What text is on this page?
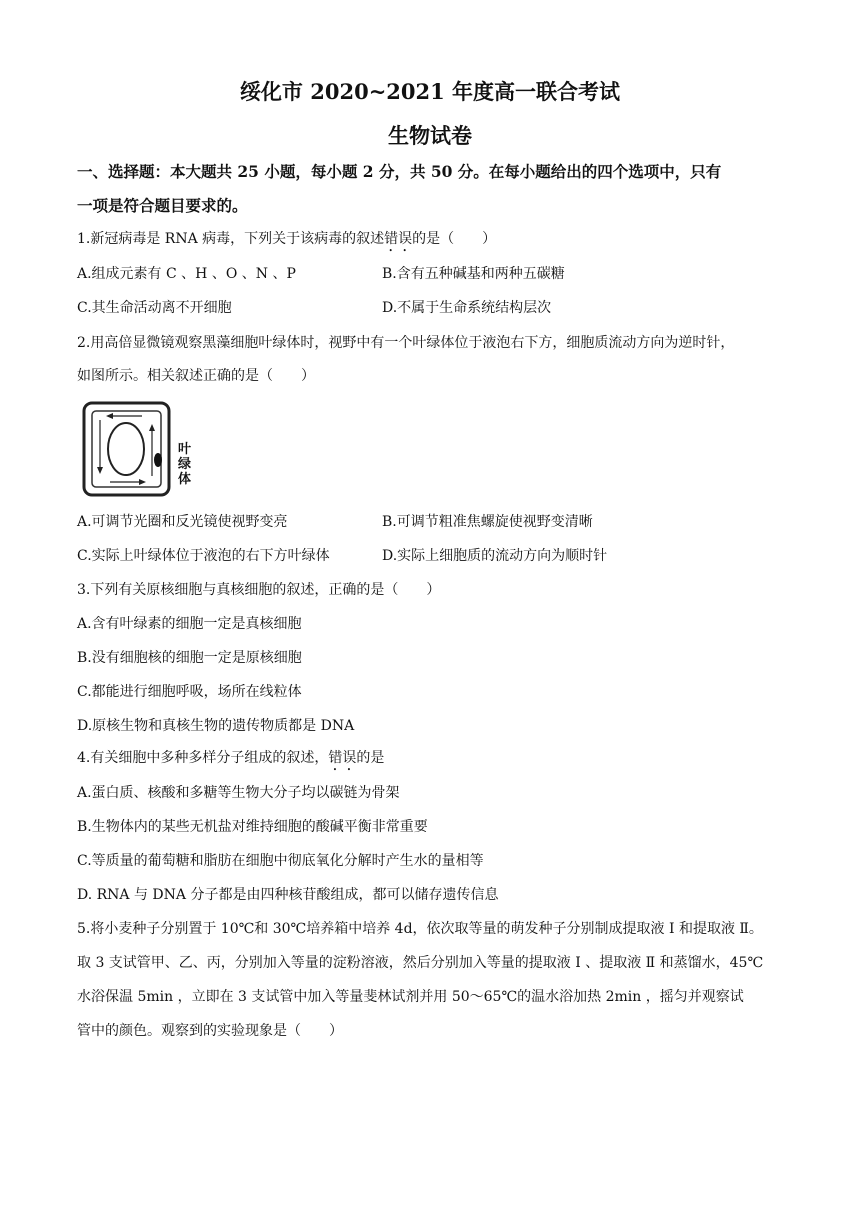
绥化市 2020~2021 年度高一联合考试
生物试卷
一、选择题：本大题共 25 小题，每小题 2 分，共 50 分。在每小题给出的四个选项中，只有
一项是符合题目要求的。
1.新冠病毒是 RNA 病毒，下列关于该病毒的叙述错误的是（　　）
A.组成元素有 C 、H 、O 、N 、P	B.含有五种碱基和两种五碳糖
C.其生命活动离不开细胞	D.不属于生命系统结构层次
2.用高倍显微镜观察黑藻细胞叶绿体时，视野中有一个叶绿体位于液泡右下方，细胞质流动方向为逆时针，
如图所示。相关叙述正确的是（　　）
叶绿体
A.可调节光圈和反光镜使视野变亮	B.可调节粗准焦螺旋使视野变清晰
C.实际上叶绿体位于液泡的右下方叶绿体	D.实际上细胞质的流动方向为顺时针
3.下列有关原核细胞与真核细胞的叙述，正确的是（　　）
A.含有叶绿素的细胞一定是真核细胞
B.没有细胞核的细胞一定是原核细胞
C.都能进行细胞呼吸，场所在线粒体
D.原核生物和真核生物的遗传物质都是 DNA
4.有关细胞中多种多样分子组成的叙述，错误的是
A.蛋白质、核酸和多糖等生物大分子均以碳链为骨架
B.生物体内的某些无机盐对维持细胞的酸碱平衡非常重要
C.等质量的葡萄糖和脂肪在细胞中彻底氧化分解时产生水的量相等
D. RNA 与 DNA 分子都是由四种核苷酸组成，都可以储存遗传信息
5.将小麦种子分别置于 10℃和 30℃培养箱中培养 4d，依次取等量的萌发种子分别制成提取液 Ⅰ 和提取液 Ⅱ。
取 3 支试管甲、乙、丙，分别加入等量的淀粉溶液，然后分别加入等量的提取液 Ⅰ 、提取液 Ⅱ 和蒸馏水，45℃
水浴保温 5min ，立即在 3 支试管中加入等量斐林试剂并用 50～65℃的温水浴加热 2min ，摇匀并观察试
管中的颜色。观察到的实验现象是（　　）
